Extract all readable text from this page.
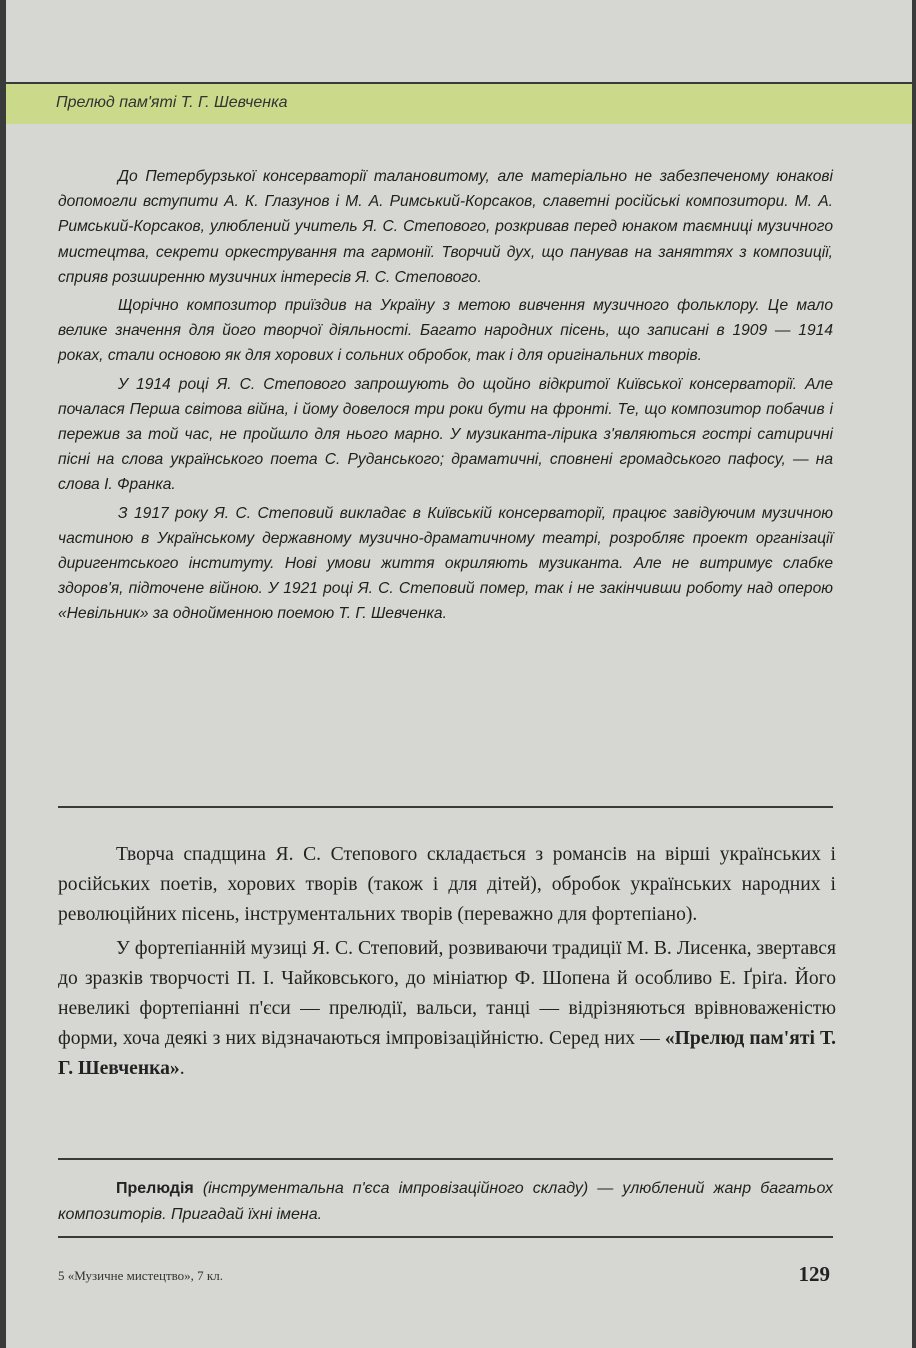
Прелюд пам'яті Т. Г. Шевченка

До Петербурзької консерваторії талановитому, але матеріально не забезпеченому юнакові допомогли вступити А. К. Глазунов і М. А. Римський-Корсаков, славетні російські композитори. М. А. Римський-Корсаков, улюблений учитель Я. С. Степового, розкривав перед юнаком таємниці музичного мистецтва, секрети оркестрування та гармонії. Творчий дух, що панував на заняттях з композиції, сприяв розширенню музичних інтересів Я. С. Степового.

Щорічно композитор приїздив на Україну з метою вивчення музичного фольклору. Це мало велике значення для його творчої діяльності. Багато народних пісень, що записані в 1909 — 1914 роках, стали основою як для хорових і сольних обробок, так і для оригінальних творів.

У 1914 році Я. С. Степового запрошують до щойно відкритої Київської консерваторії. Але почалася Перша світова війна, і йому довелося три роки бути на фронті. Те, що композитор побачив і пережив за той час, не пройшло для нього марно. У музиканта-лірика з'являються гострі сатиричні пісні на слова українського поета С. Руданського; драматичні, сповнені громадського пафосу, — на слова І. Франка.

З 1917 року Я. С. Степовий викладає в Київській консерваторії, працює завідуючим музичною частиною в Українському державному музично-драматичному театрі, розробляє проект організації диригентського інституту. Нові умови життя окриляють музиканта. Але не витримує слабке здоров'я, підточене війною. У 1921 році Я. С. Степовий помер, так і не закінчивши роботу над оперою «Невільник» за однойменною поемою Т. Г. Шевченка.

Творча спадщина Я. С. Степового складається з романсів на вірші українських і російських поетів, хорових творів (також і для дітей), обробок українських народних і революційних пісень, інструментальних творів (переважно для фортепіано).

У фортепіанній музиці Я. С. Степовий, розвиваючи традиції М. В. Лисенка, звертався до зразків творчості П. І. Чайковського, до мініатюр Ф. Шопена й особливо Е. Ґріґа. Його невеликі фортепіанні п'єси — прелюдії, вальси, танці — відрізняються врівноваженістю форми, хоча деякі з них відзначаються імпровізаційністю. Серед них — «Прелюд пам'яті Т. Г. Шевченка».

Прелюдія (інструментальна п'єса імпровізаційного складу) — улюблений жанр багатьох композиторів. Пригадай їхні імена.

5 «Музичне мистецтво», 7 кл.	129
